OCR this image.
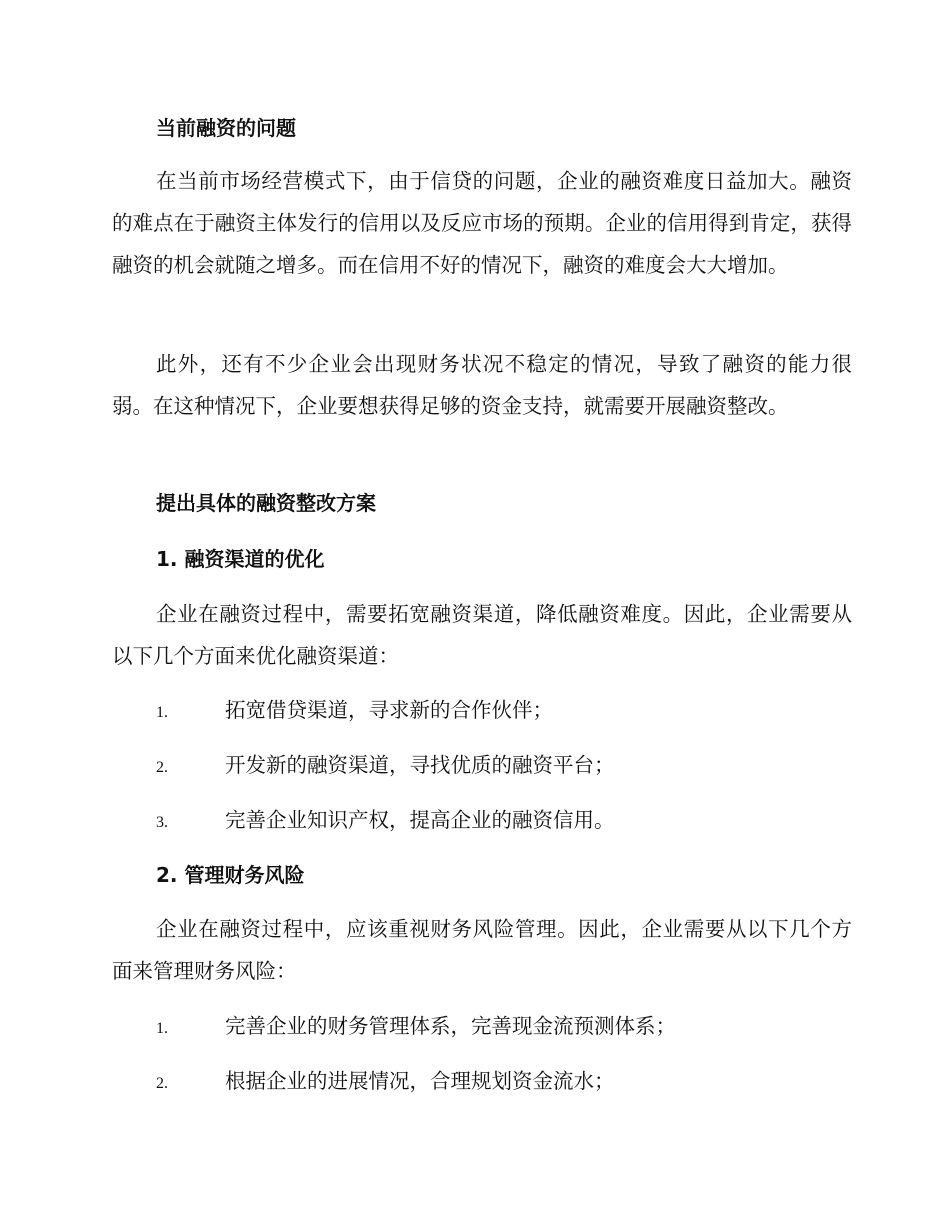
当前融资的问题

在当前市场经营模式下，由于信贷的问题，企业的融资难度日益加大。融资的难点在于融资主体发行的信用以及反应市场的预期。企业的信用得到肯定，获得融资的机会就随之增多。而在信用不好的情况下，融资的难度会大大增加。

此外，还有不少企业会出现财务状况不稳定的情况，导致了融资的能力很弱。在这种情况下，企业要想获得足够的资金支持，就需要开展融资整改。

提出具体的融资整改方案
1. 融资渠道的优化

企业在融资过程中，需要拓宽融资渠道，降低融资难度。因此，企业需要从以下几个方面来优化融资渠道：

1.	拓宽借贷渠道，寻求新的合作伙伴；
2.	开发新的融资渠道，寻找优质的融资平台；
3.	完善企业知识产权，提高企业的融资信用。
2. 管理财务风险

企业在融资过程中，应该重视财务风险管理。因此，企业需要从以下几个方面来管理财务风险：

1.	完善企业的财务管理体系，完善现金流预测体系；
2.	根据企业的进展情况，合理规划资金流水；
